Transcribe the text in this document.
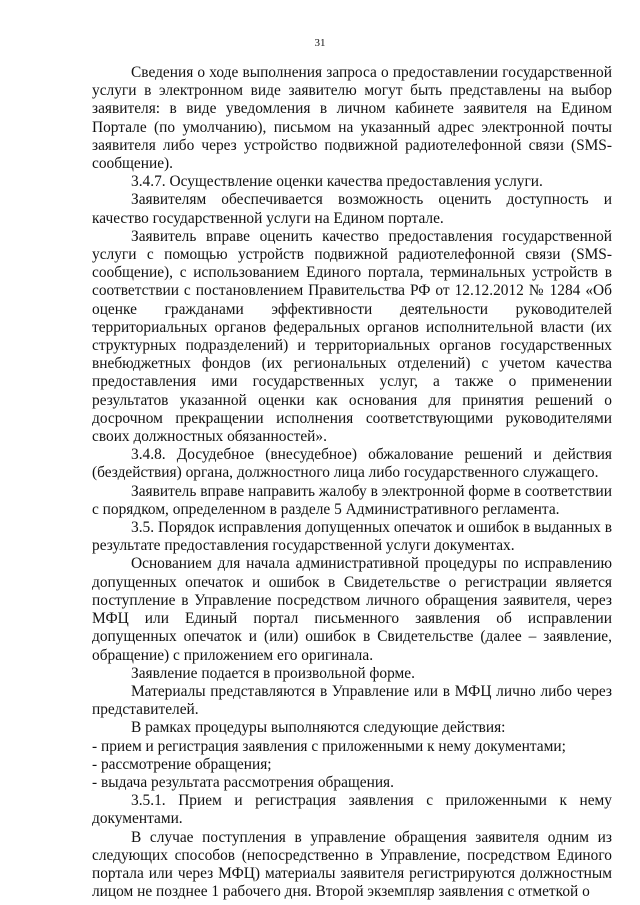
31

Сведения о ходе выполнения запроса о предоставлении государственной услуги в электронном виде заявителю могут быть представлены на выбор заявителя: в виде уведомления в личном кабинете заявителя на Едином Портале (по умолчанию), письмом на указанный адрес электронной почты заявителя либо через устройство подвижной радиотелефонной связи (SMS-сообщение).

3.4.7. Осуществление оценки качества предоставления услуги.

Заявителям обеспечивается возможность оценить доступность и качество государственной услуги на Едином портале.

Заявитель вправе оценить качество предоставления государственной услуги с помощью устройств подвижной радиотелефонной связи (SMS-сообщение), с использованием Единого портала, терминальных устройств в соответствии с постановлением Правительства РФ от 12.12.2012 № 1284 «Об оценке гражданами эффективности деятельности руководителей территориальных органов федеральных органов исполнительной власти (их структурных подразделений) и территориальных органов государственных внебюджетных фондов (их региональных отделений) с учетом качества предоставления ими государственных услуг, а также о применении результатов указанной оценки как основания для принятия решений о досрочном прекращении исполнения соответствующими руководителями своих должностных обязанностей».

3.4.8. Досудебное (внесудебное) обжалование решений и действия (бездействия) органа, должностного лица либо государственного служащего.

Заявитель вправе направить жалобу в электронной форме в соответствии с порядком, определенном в разделе 5 Административного регламента.

3.5. Порядок исправления допущенных опечаток и ошибок в выданных в результате предоставления государственной услуги документах.

Основанием для начала административной процедуры по исправлению допущенных опечаток и ошибок в Свидетельстве о регистрации является поступление в Управление посредством личного обращения заявителя, через МФЦ или Единый портал письменного заявления об исправлении допущенных опечаток и (или) ошибок в Свидетельстве (далее – заявление, обращение) с приложением его оригинала.

Заявление подается в произвольной форме.

Материалы представляются в Управление или в МФЦ лично либо через представителей.

В рамках процедуры выполняются следующие действия:

- прием и регистрация заявления с приложенными к нему документами;

- рассмотрение обращения;

- выдача результата рассмотрения обращения.

3.5.1. Прием и регистрация заявления с приложенными к нему документами.

В случае поступления в управление обращения заявителя одним из следующих способов (непосредственно в Управление, посредством Единого портала или через МФЦ) материалы заявителя регистрируются должностным лицом не позднее 1 рабочего дня. Второй экземпляр заявления с отметкой о
